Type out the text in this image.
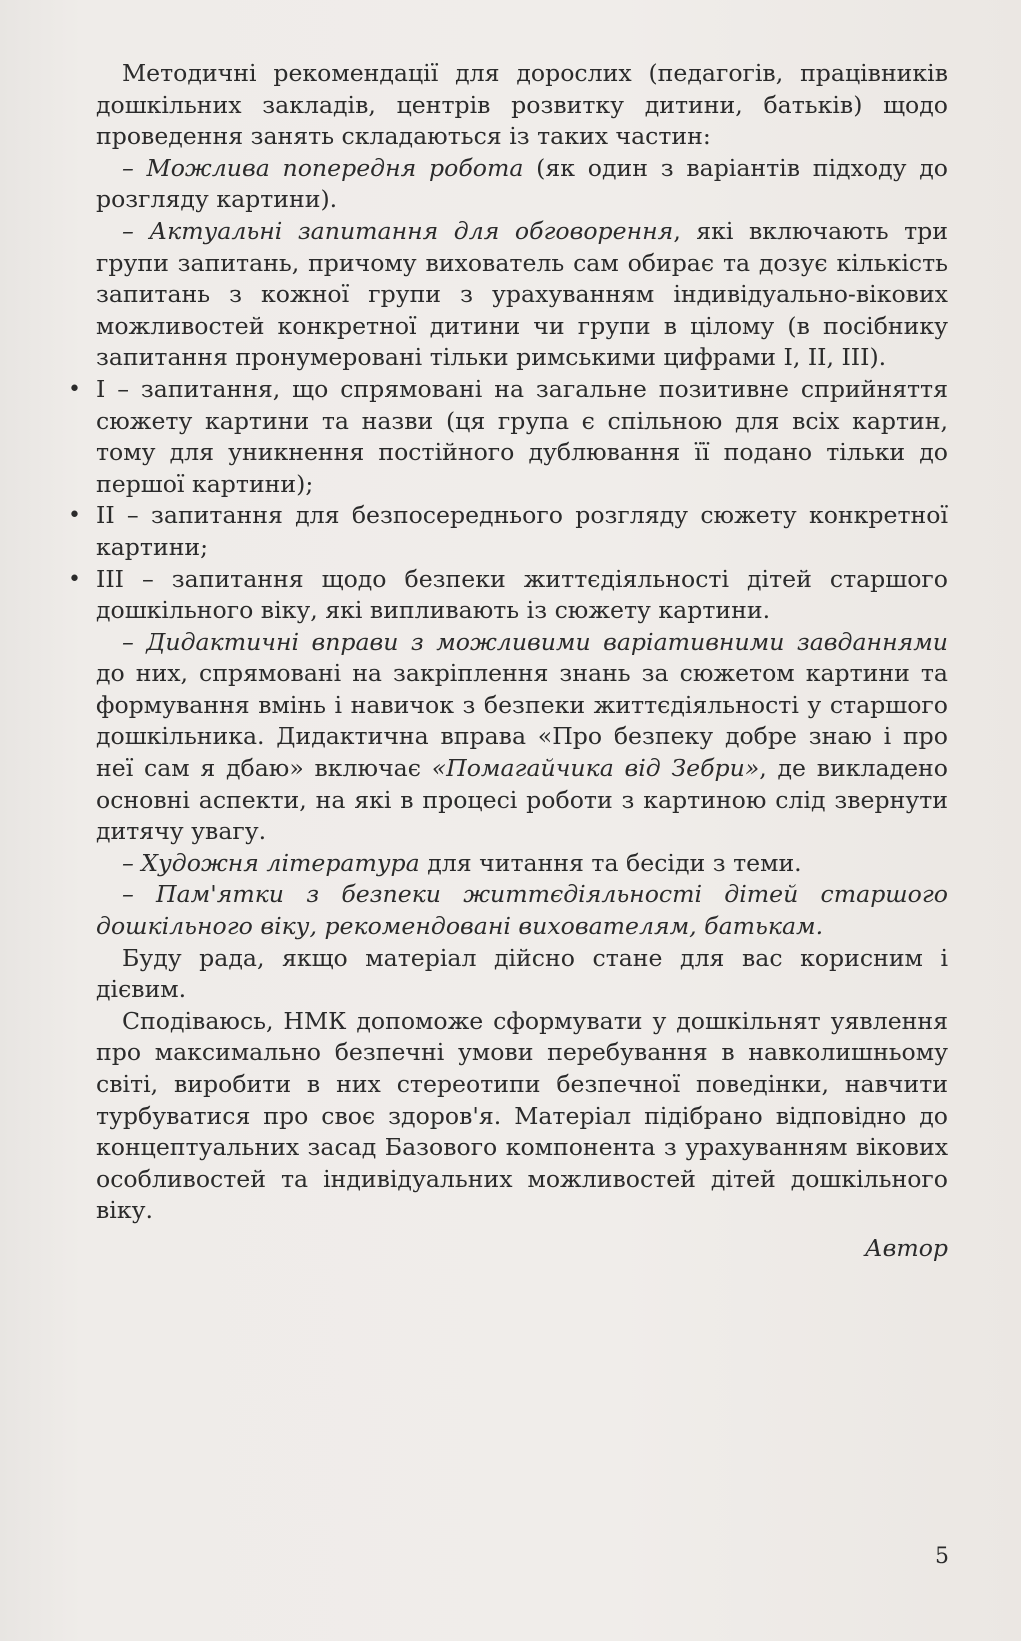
Методичні рекомендації для дорослих (педагогів, працівників дошкільних закладів, центрів розвитку дитини, батьків) щодо проведення занять складаються із таких частин:

– Можлива попередня робота (як один з варіантів підходу до розгляду картини).

– Актуальні запитання для обговорення, які включають три групи запитань, причому вихователь сам обирає та дозує кількість запитань з кожної групи з урахуванням індивідуально-вікових можливостей конкретної дитини чи групи в цілому (в посібнику запитання пронумеровані тільки римськими цифрами І, ІІ, ІІІ).

• І – запитання, що спрямовані на загальне позитивне сприйняття сюжету картини та назви (ця група є спільною для всіх картин, тому для уникнення постійного дублювання її подано тільки до першої картини);
• ІІ – запитання для безпосереднього розгляду сюжету конкретної картини;
• ІІІ – запитання щодо безпеки життєдіяльності дітей старшого дошкільного віку, які випливають із сюжету картини.

– Дидактичні вправи з можливими варіативними завданнями до них, спрямовані на закріплення знань за сюжетом картини та формування вмінь і навичок з безпеки життєдіяльності у старшого дошкільника. Дидактична вправа «Про безпеку добре знаю і про неї сам я дбаю» включає «Помагайчика від Зебри», де викладено основні аспекти, на які в процесі роботи з картиною слід звернути дитячу увагу.

– Художня література для читання та бесіди з теми.

– Пам'ятки з безпеки життєдіяльності дітей старшого дошкільного віку, рекомендовані вихователям, батькам.

Буду рада, якщо матеріал дійсно стане для вас корисним і дієвим.

Сподіваюсь, НМК допоможе сформувати у дошкільнят уявлення про максимально безпечні умови перебування в навколишньому світі, виробити в них стереотипи безпечної поведінки, навчити турбуватися про своє здоров'я. Матеріал підібрано відповідно до концептуальних засад Базового компонента з урахуванням вікових особливостей та індивідуальних можливостей дітей дошкільного віку.

Автор

5
